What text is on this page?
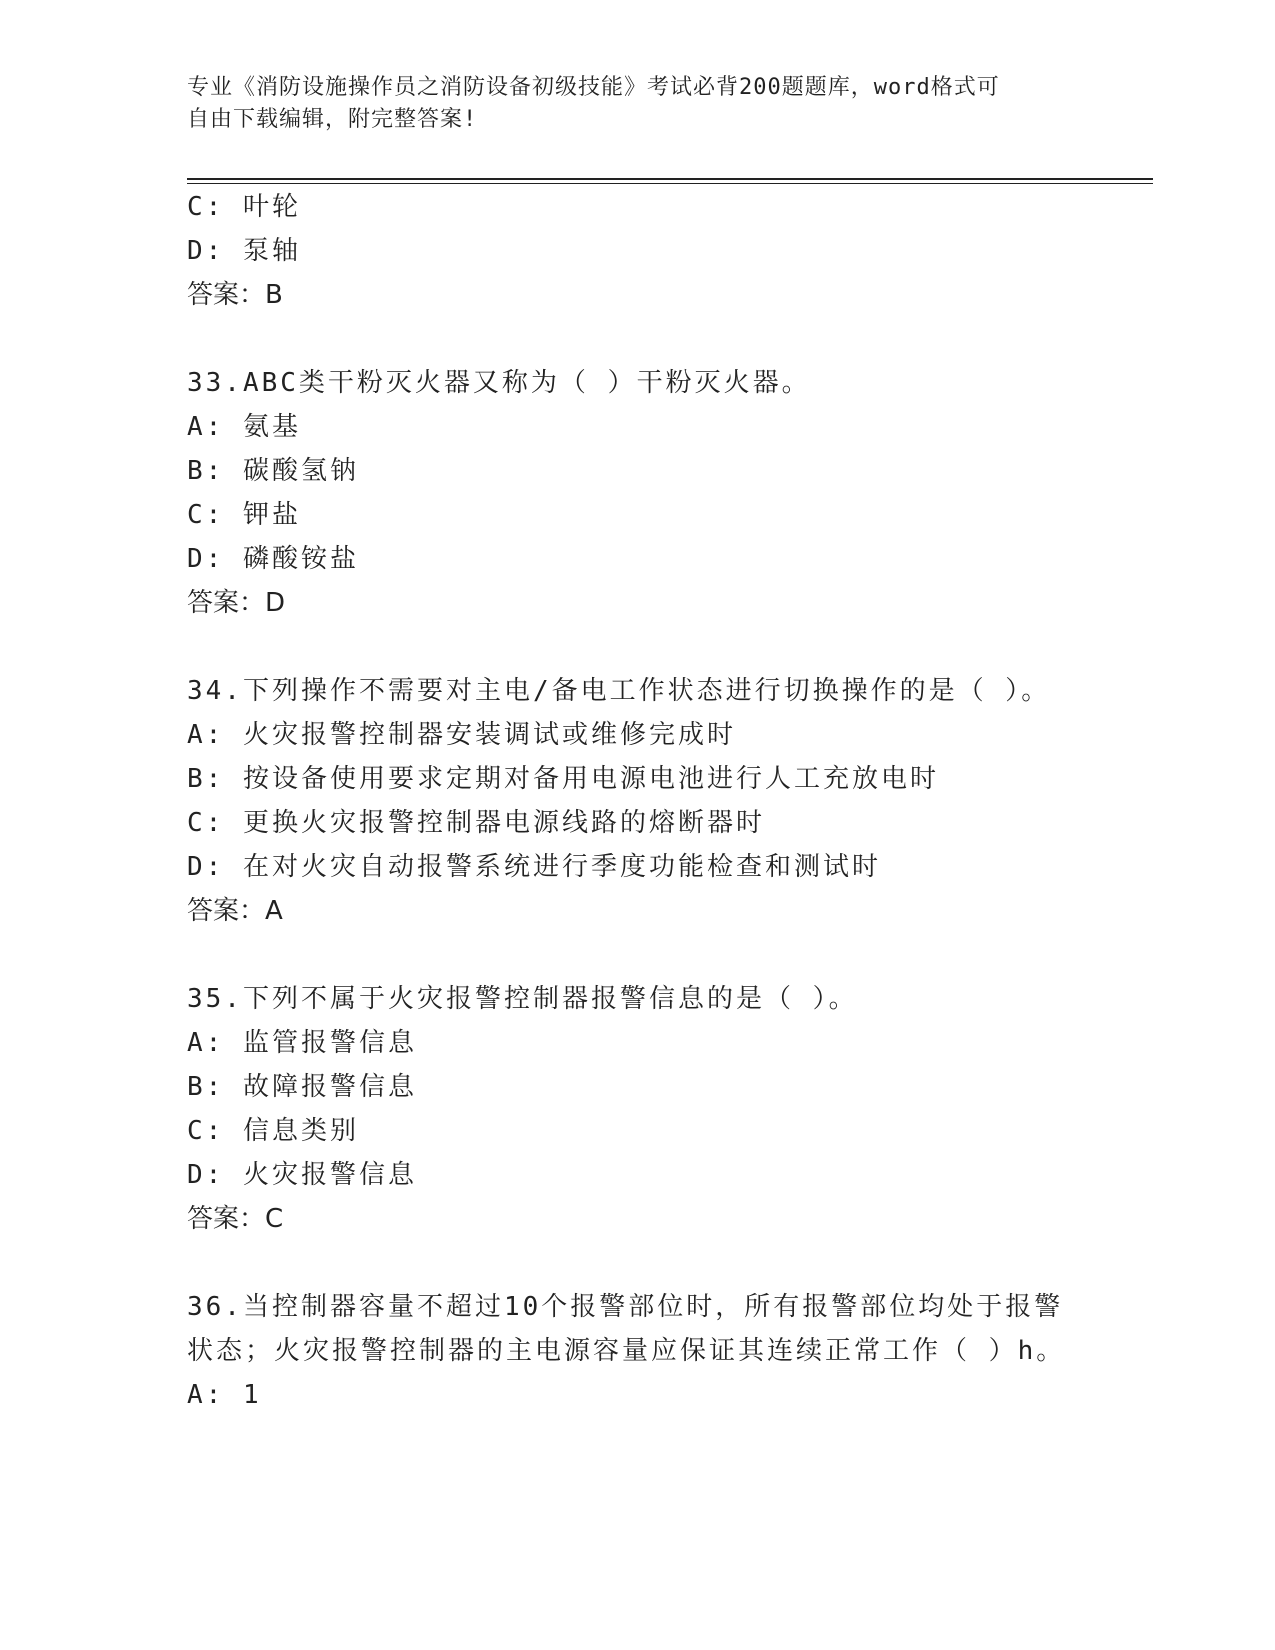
专业《消防设施操作员之消防设备初级技能》考试必背200题题库，word格式可
自由下载编辑，附完整答案!
C: 叶轮
D: 泵轴
答案：B
33.ABC类干粉灭火器又称为（ ）干粉灭火器。
A: 氨基
B: 碳酸氢钠
C: 钾盐
D: 磷酸铵盐
答案：D
34.下列操作不需要对主电/备电工作状态进行切换操作的是（ ）。
A: 火灾报警控制器安装调试或维修完成时
B: 按设备使用要求定期对备用电源电池进行人工充放电时
C: 更换火灾报警控制器电源线路的熔断器时
D: 在对火灾自动报警系统进行季度功能检查和测试时
答案：A
35.下列不属于火灾报警控制器报警信息的是（ ）。
A: 监管报警信息
B: 故障报警信息
C: 信息类别
D: 火灾报警信息
答案：C
36.当控制器容量不超过10个报警部位时，所有报警部位均处于报警
状态；火灾报警控制器的主电源容量应保证其连续正常工作（ ）h。
A: 1
